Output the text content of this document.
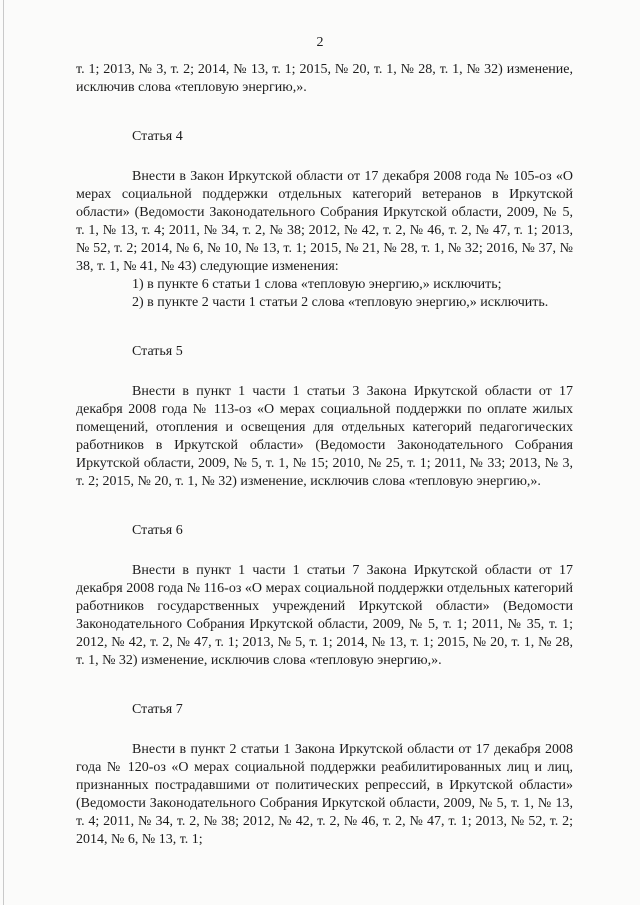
2

т. 1; 2013, № 3, т. 2; 2014, № 13, т. 1; 2015, № 20, т. 1, № 28, т. 1, № 32) изменение, исключив слова «тепловую энергию,».

Статья 4

Внести в Закон Иркутской области от 17 декабря 2008 года № 105-оз «О мерах социальной поддержки отдельных категорий ветеранов в Иркутской области» (Ведомости Законодательного Собрания Иркутской области, 2009, № 5, т. 1, № 13, т. 4; 2011, № 34, т. 2, № 38; 2012, № 42, т. 2, № 46, т. 2, № 47, т. 1; 2013, № 52, т. 2; 2014, № 6, № 10, № 13, т. 1; 2015, № 21, № 28, т. 1, № 32; 2016, № 37, № 38, т. 1, № 41, № 43) следующие изменения:

1) в пункте 6 статьи 1 слова «тепловую энергию,» исключить;

2) в пункте 2 части 1 статьи 2 слова «тепловую энергию,» исключить.

Статья 5

Внести в пункт 1 части 1 статьи 3 Закона Иркутской области от 17 декабря 2008 года № 113-оз «О мерах социальной поддержки по оплате жилых помещений, отопления и освещения для отдельных категорий педагогических работников в Иркутской области» (Ведомости Законодательного Собрания Иркутской области, 2009, № 5, т. 1, № 15; 2010, № 25, т. 1; 2011, № 33; 2013, № 3, т. 2; 2015, № 20, т. 1, № 32) изменение, исключив слова «тепловую энергию,».

Статья 6

Внести в пункт 1 части 1 статьи 7 Закона Иркутской области от 17 декабря 2008 года № 116-оз «О мерах социальной поддержки отдельных категорий работников государственных учреждений Иркутской области» (Ведомости Законодательного Собрания Иркутской области, 2009, № 5, т. 1; 2011, № 35, т. 1; 2012, № 42, т. 2, № 47, т. 1; 2013, № 5, т. 1; 2014, № 13, т. 1; 2015, № 20, т. 1, № 28, т. 1, № 32) изменение, исключив слова «тепловую энергию,».

Статья 7

Внести в пункт 2 статьи 1 Закона Иркутской области от 17 декабря 2008 года № 120-оз «О мерах социальной поддержки реабилитированных лиц и лиц, признанных пострадавшими от политических репрессий, в Иркутской области» (Ведомости Законодательного Собрания Иркутской области, 2009, № 5, т. 1, № 13, т. 4; 2011, № 34, т. 2, № 38; 2012, № 42, т. 2, № 46, т. 2, № 47, т. 1; 2013, № 52, т. 2; 2014, № 6, № 13, т. 1;
